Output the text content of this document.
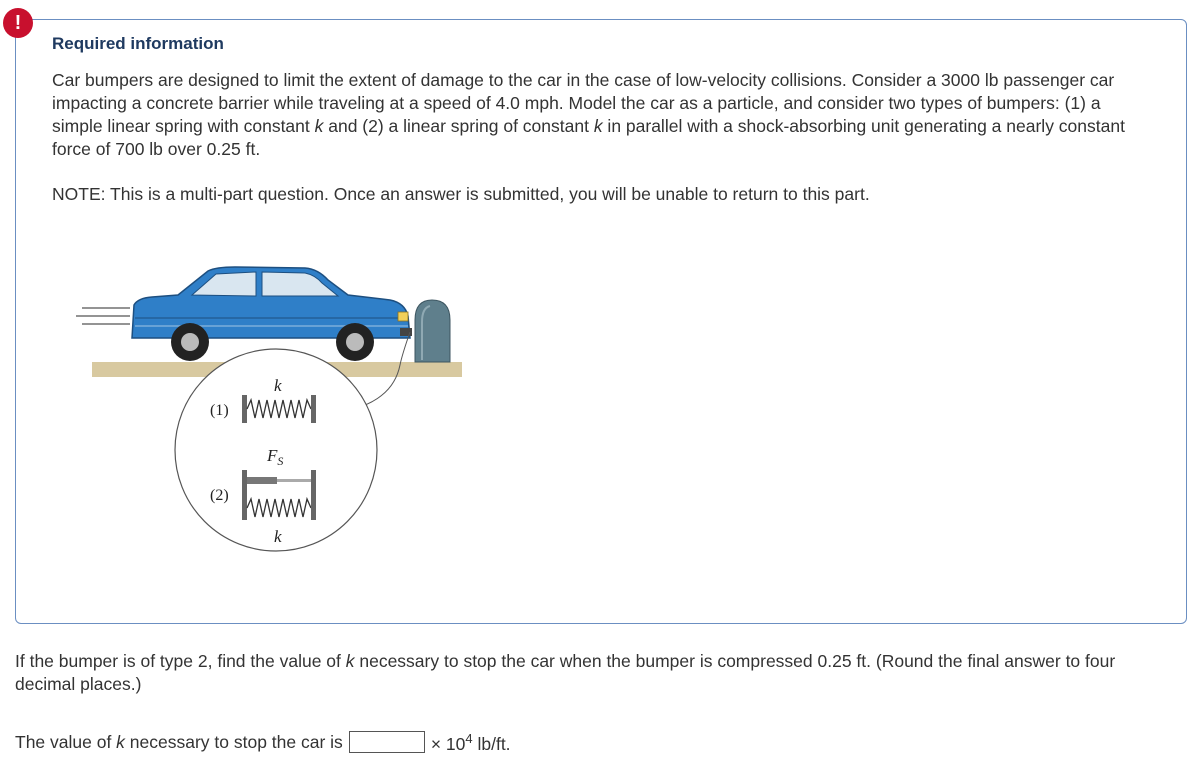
!
Required information

Car bumpers are designed to limit the extent of damage to the car in the case of low-velocity collisions. Consider a 3000 lb passenger car impacting a concrete barrier while traveling at a speed of 4.0 mph. Model the car as a particle, and consider two types of bumpers: (1) a simple linear spring with constant k and (2) a linear spring of constant k in parallel with a shock-absorbing unit generating a nearly constant force of 700 lb over 0.25 ft.

NOTE: This is a multi-part question. Once an answer is submitted, you will be unable to return to this part.

k
(1)
$F_S$
(2)
k

If the bumper is of type 2, find the value of k necessary to stop the car when the bumper is compressed 0.25 ft. (Round the final answer to four decimal places.)

The value of k necessary to stop the car is	× $10^4$ lb/ft.
